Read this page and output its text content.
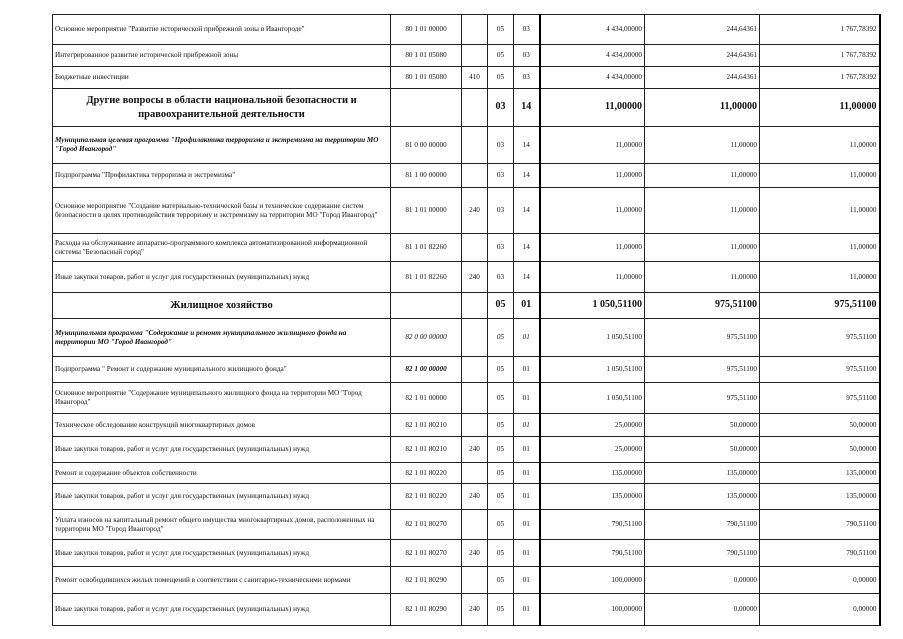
Основное мероприятие "Развитие исторической прибрежной зоны в Ивангороде"	80 1 01 00000		05	03	4 434,00000	244,64361	1 767,78392
Интегрированное развитие исторической прибрежной зоны	80 1 01 05080		05	03	4 434,00000	244,64361	1 767,78392
Бюджетные инвестиции	80 1 01 05080	410	05	03	4 434,00000	244,64361	1 767,78392
Другие вопросы в области национальной безопасности и правоохранительной деятельности			03	14	11,00000	11,00000	11,00000
Муниципальная целевая программа "Профилактика терроризма и экстремизма на территории МО "Город Ивангород"	81 0 00 00000		03	14	11,00000	11,00000	11,00000
Подпрограмма "Профилактика терроризма и экстремизма"	81 1 00 00000		03	14	11,00000	11,00000	11,00000
Основное мероприятие "Создание материально-технической базы и техническое содержание систем безопасности в целях противодействия терроризму и экстремизму на территории МО "Город Ивангород"	81 1 01 00000	240	03	14	11,00000	11,00000	11,00000
Расходы на обслуживание аппаратно-программного комплекса автоматизированной информационной системы "Безопасный город"	81 1 01 82260		03	14	11,00000	11,00000	11,00000
Иные закупки товаров, работ и услуг для государственных (муниципальных) нужд	81 1 01 82260	240	03	14	11,00000	11,00000	11,00000
Жилищное хозяйство			05	01	1 050,51100	975,51100	975,51100
Муниципальная программа "Содержание и ремонт муниципального жилищного фонда на территории МО "Город Ивангород"	82 0 00 00000		05	01	1 050,51100	975,51100	975,51100
Подпрограмма " Ремонт и содержание муниципального жилищного фонда"	82 1 00 00000		05	01	1 050,51100	975,51100	975,51100
Основное мероприятие "Содержание муниципального жилищного фонда на территории МО "Город Ивангород"	82 1 01 00000		05	01	1 050,51100	975,51100	975,51100
Техническое обследование конструкций многоквартирных домов	82 1 01 80210		05	01	25,00000	50,00000	50,00000
Иные закупки товаров, работ и услуг для государственных (муниципальных) нужд	82 1 01 80210	240	05	01	25,00000	50,00000	50,00000
Ремонт и содержание объектов собственности	82 1 01 80220		05	01	135,00000	135,00000	135,00000
Иные закупки товаров, работ и услуг для государственных (муниципальных) нужд	82 1 01 80220	240	05	01	135,00000	135,00000	135,00000
Уплата износов на капитальный ремонт общего имущества многоквартирных домов, расположенных на территории МО "Город Ивангород"	82 1 01 80270		05	01	790,51100	790,51100	790,51100
Иные закупки товаров, работ и услуг для государственных (муниципальных) нужд	82 1 01 80270	240	05	01	790,51100	790,51100	790,51100
Ремонт освободившихся жилых помещений в соответствии с санитарно-техническими нормами	82 1 01 80290		05	01	100,00000	0,00000	0,00000
Иные закупки товаров, работ и услуг для государственных (муниципальных) нужд	82 1 01 80290	240	05	01	100,00000	0,00000	0,00000
